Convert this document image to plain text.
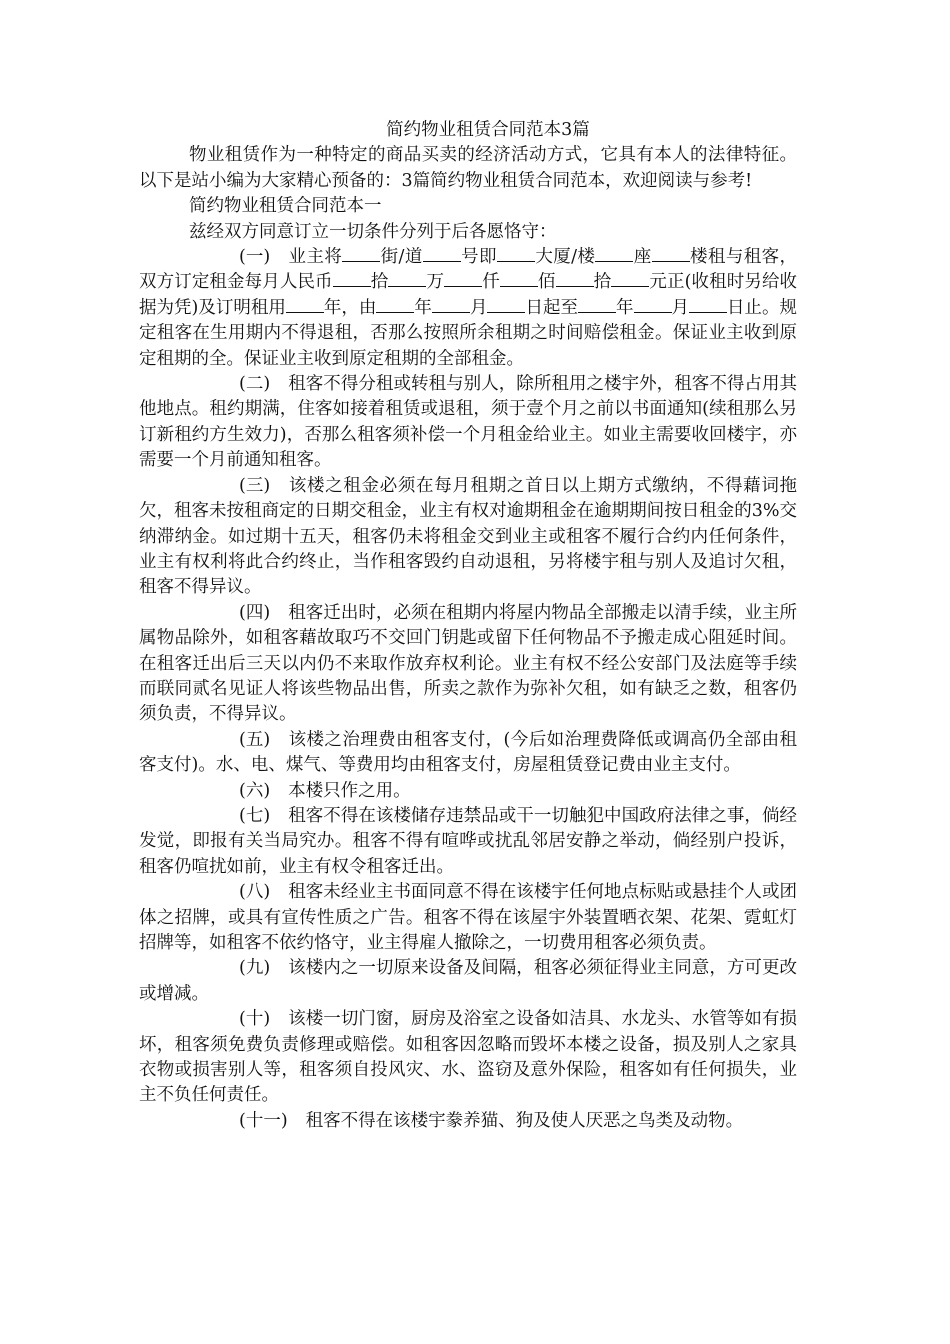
简约物业租赁合同范本3篇

物业租赁作为一种特定的商品买卖的经济活动方式，它具有本人的法律特征。以下是站小编为大家精心预备的：3篇简约物业租赁合同范本，欢迎阅读与参考!

简约物业租赁合同范本一

兹经双方同意订立一切条件分列于后各愿恪守：

(一) 业主将 街/道 号即 大厦/楼 座 楼租与租客，双方订定租金每月人民币 拾 万 仟 佰 拾 元正(收租时另给收据为凭)及订明租用 年，由 年 月 日起至 年 月 日止。规定租客在生用期内不得退租，否那么按照所余租期之时间赔偿租金。保证业主收到原定租期的全。保证业主收到原定租期的全部租金。

(二) 租客不得分租或转租与别人，除所租用之楼宇外，租客不得占用其他地点。租约期满，住客如接着租赁或退租，须于壹个月之前以书面通知(续租那么另订新租约方生效力)，否那么租客须补偿一个月租金给业主。如业主需要收回楼宇，亦需要一个月前通知租客。

(三) 该楼之租金必须在每月租期之首日以上期方式缴纳，不得藉词拖欠，租客未按租商定的日期交租金，业主有权对逾期租金在逾期期间按日租金的3%交纳滞纳金。如过期十五天，租客仍未将租金交到业主或租客不履行合约内任何条件，业主有权利将此合约终止，当作租客毁约自动退租，另将楼宇租与别人及追讨欠租，租客不得异议。

(四) 租客迁出时，必须在租期内将屋内物品全部搬走以清手续，业主所属物品除外，如租客藉故取巧不交回门钥匙或留下任何物品不予搬走成心阻延时间。在租客迁出后三天以内仍不来取作放弃权利论。业主有权不经公安部门及法庭等手续而联同贰名见证人将该些物品出售，所卖之款作为弥补欠租，如有缺乏之数，租客仍须负责，不得异议。

(五) 该楼之治理费由租客支付，(今后如治理费降低或调高仍全部由租客支付)。水、电、煤气、等费用均由租客支付，房屋租赁登记费由业主支付。

(六) 本楼只作之用。

(七) 租客不得在该楼储存违禁品或干一切触犯中国政府法律之事，倘经发觉，即报有关当局究办。租客不得有喧哗或扰乱邻居安静之举动，倘经别户投诉，租客仍喧扰如前，业主有权令租客迁出。

(八) 租客未经业主书面同意不得在该楼宇任何地点标贴或悬挂个人或团体之招牌，或具有宣传性质之广告。租客不得在该屋宇外装置晒衣架、花架、霓虹灯招牌等，如租客不依约恪守，业主得雇人撤除之，一切费用租客必须负责。

(九) 该楼内之一切原来设备及间隔，租客必须征得业主同意，方可更改或增减。

(十) 该楼一切门窗，厨房及浴室之设备如洁具、水龙头、水管等如有损坏，租客须免费负责修理或赔偿。如租客因忽略而毁坏本楼之设备，损及别人之家具衣物或损害别人等，租客须自投风灾、水、盗窃及意外保险，租客如有任何损失，业主不负任何责任。

(十一) 租客不得在该楼宇豢养猫、狗及使人厌恶之鸟类及动物。
